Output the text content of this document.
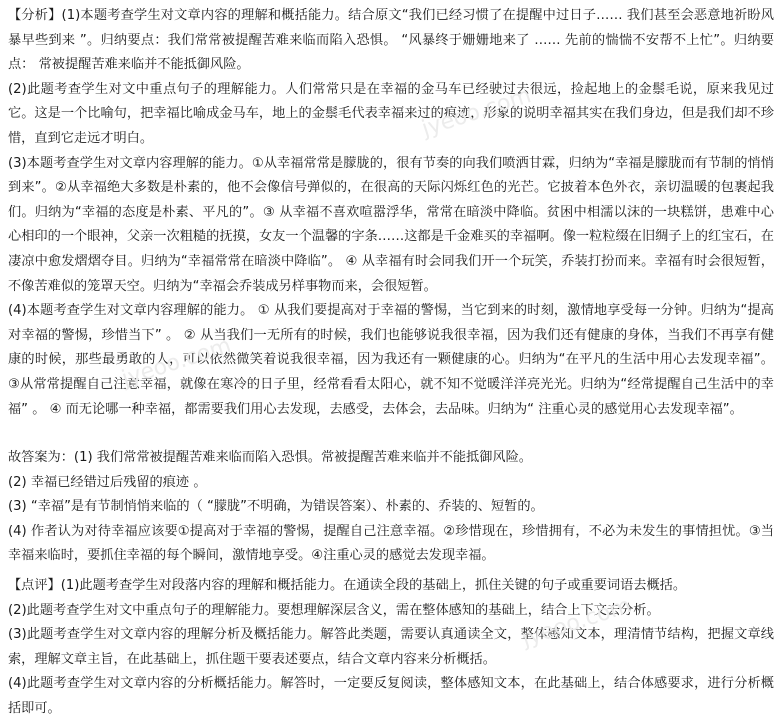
【分析】(1)本题考查学生对文章内容的理解和概括能力。结合原文“我们已经习惯了在提醒中过日子…… 我们甚至会恶意地祈盼风暴早些到来 ”。归纳要点：我们常常被提醒苦难来临而陷入恐惧。 “风暴终于姗姗地来了 …… 先前的惴惴不安帮不上忙”。归纳要点： 常被提醒苦难来临并不能抵御风险。

(2)此题考查学生对文中重点句子的理解能力。人们常常只是在幸福的金马车已经驶过去很远，捡起地上的金鬃毛说，原来我见过它。这是一个比喻句，把幸福比喻成金马车，地上的金鬃毛代表幸福来过的痕迹，形象的说明幸福其实在我们身边，但是我们却不珍惜，直到它走远才明白。

(3)本题考查学生对文章内容理解的能力。①从幸福常常是朦胧的，很有节奏的向我们喷洒甘霖，归纳为“幸福是朦胧而有节制的悄悄到来”。②从幸福绝大多数是朴素的，他不会像信号弹似的，在很高的天际闪烁红色的光芒。它披着本色外衣，亲切温暖的包裹起我们。归纳为“幸福的态度是朴素、平凡的”。③ 从幸福不喜欢喧嚣浮华，常常在暗淡中降临。贫困中相濡以沫的一块糕饼，患难中心心相印的一个眼神，父亲一次粗糙的抚摸，女友一个温馨的字条……这都是千金难买的幸福啊。像一粒粒缀在旧绸子上的红宝石，在凄凉中愈发熠熠夺目。归纳为“幸福常常在暗淡中降临”。 ④ 从幸福有时会同我们开一个玩笑，乔装打扮而来。幸福有时会很短暂，不像苦难似的笼罩天空。归纳为“幸福会乔装成另样事物而来，会很短暂。

(4)本题考查学生对文章内容理解的能力。 ① 从我们要提高对于幸福的警惕，当它到来的时刻，激情地享受每一分钟。归纳为“提高对幸福的警惕，珍惜当下” 。 ② 从当我们一无所有的时候，我们也能够说我很幸福，因为我们还有健康的身体，当我们不再享有健康的时候，那些最勇敢的人，可以依然微笑着说我很幸福，因为我还有一颗健康的心。归纳为“在平凡的生活中用心去发现幸福”。 ③从常常提醒自己注意幸福，就像在寒冷的日子里，经常看看太阳心，就不知不觉暖洋洋亮光光。归纳为“经常提醒自己生活中的幸福” 。 ④ 而无论哪一种幸福，都需要我们用心去发现，去感受，去体会，去品味。归纳为“ 注重心灵的感觉用心去发现幸福”。

故答案为：(1) 我们常常被提醒苦难来临而陷入恐惧。常被提醒苦难来临并不能抵御风险。

(2) 幸福已经错过后残留的痕迹 。

(3) “幸福”是有节制悄悄来临的（ “朦胧”不明确，为错误答案）、朴素的、乔装的、短暂的。

(4) 作者认为对待幸福应该要①提高对于幸福的警惕，提醒自己注意幸福。②珍惜现在，珍惜拥有，不必为未发生的事情担忧。③当幸福来临时，要抓住幸福的每个瞬间，激情地享受。④注重心灵的感觉去发现幸福。

【点评】(1)此题考查学生对段落内容的理解和概括能力。在通读全段的基础上，抓住关键的句子或重要词语去概括。

(2)此题考查学生对文中重点句子的理解能力。要想理解深层含义，需在整体感知的基础上，结合上下文去分析。

(3)此题考查学生对文章内容的理解分析及概括能力。解答此类题，需要认真通读全文，整体感知文本，理清情节结构，把握文章线索，理解文章主旨，在此基础上，抓住题干要表述要点，结合文章内容来分析概括。

(4)此题考查学生对文章内容的分析概括能力。解答时，一定要反复阅读，整体感知文本，在此基础上，结合体感要求，进行分析概括即可。

jyeoo.com
jyeoo.com
jyeoo.com
